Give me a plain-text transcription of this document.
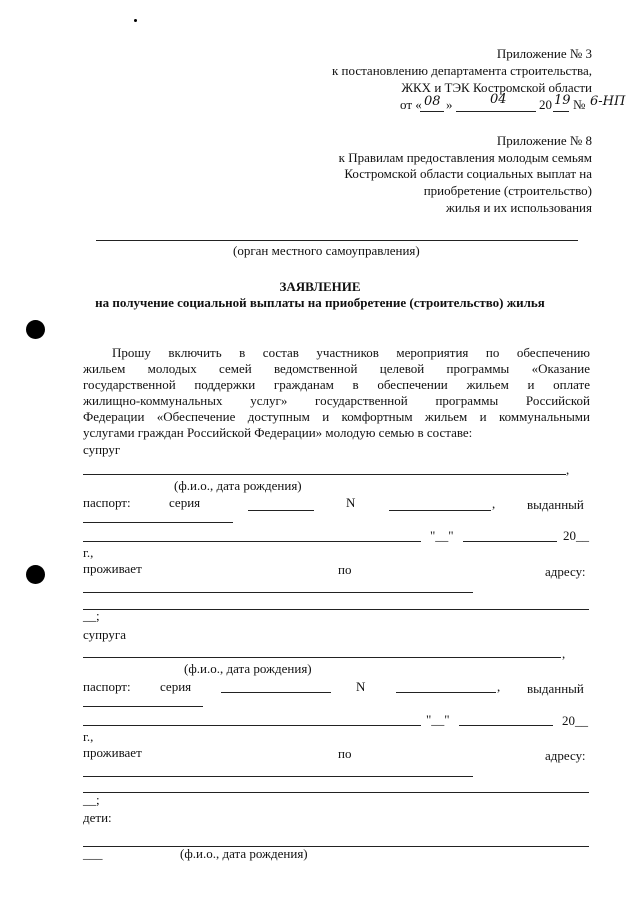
Приложение № 3
к постановлению департамента строительства,
ЖКХ и ТЭК Костромской области
от « 08 »	04 20 19 № 6-НП
Приложение № 8
к Правилам предоставления молодым семьям
Костромской области социальных выплат на
приобретение (строительство)
жилья и их использования
(орган местного самоуправления)
ЗАЯВЛЕНИЕ
на получение социальной выплаты на приобретение (строительство) жилья
Прошу включить в состав участников мероприятия по обеспечению
жильем молодых семей ведомственной целевой программы «Оказание
государственной поддержки гражданам в обеспечении жильем и оплате
жилищно-коммунальных услуг» государственной программы Российской
Федерации «Обеспечение доступным и комфортным жильем и коммунальными
услугами граждан Российской Федерации» молодую семью в составе:
супруг
,
(ф.и.о., дата рождения)
паспорт:	серия	N	, выданный
"__"	20__
г.,
проживает	по	адресу:
__;
супруга
,
(ф.и.о., дата рождения)
паспорт: серия	N	, выданный
"__"	20__
г.,
проживает	по	адресу:
__;
дети:
___	(ф.и.о., дата рождения)
